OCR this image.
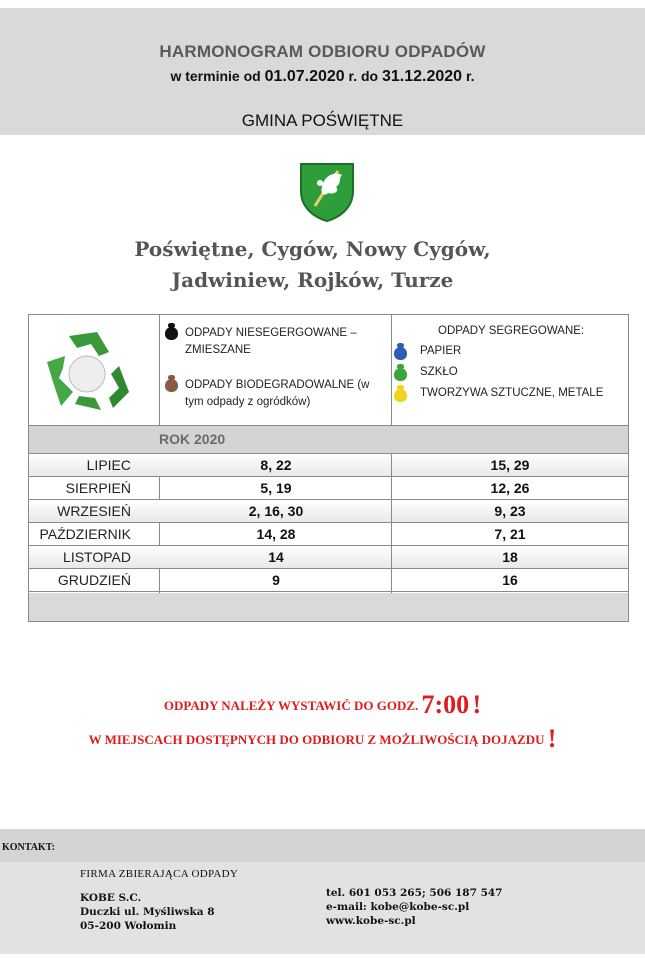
HARMONOGRAM ODBIORU ODPADÓW
w terminie od 01.07.2020 r. do 31.12.2020 r.
GMINA POŚWIĘTNE
Poświętne, Cygów, Nowy Cygów,
Jadwiniew, Rojków, Turze
ODPADY NIESEGERGOWANE – ZMIESZANE
ODPADY BIODEGRADOWALNE (w tym odpady z ogródków)
ODPADY SEGREGOWANE:
PAPIER
SZKŁO
TWORZYWA SZTUCZNE, METALE
ROK 2020
LIPIEC	8, 22	15, 29
SIERPIEŃ	5, 19	12, 26
WRZESIEŃ	2, 16, 30	9, 23
PAŹDZIERNIK	14, 28	7, 21
LISTOPAD	14	18
GRUDZIEŃ	9	16
ODPADY NALEŻY WYSTAWIĆ DO GODZ. 7:00 !
W MIEJSCACH DOSTĘPNYCH DO ODBIORU Z MOŻLIWOŚCIĄ DOJAZDU !
KONTAKT:
FIRMA ZBIERAJĄCA ODPADY
KOBE S.C.
Duczki ul. Myśliwska 8
05-200 Wołomin
tel. 601 053 265; 506 187 547
e-mail: kobe@kobe-sc.pl
www.kobe-sc.pl
